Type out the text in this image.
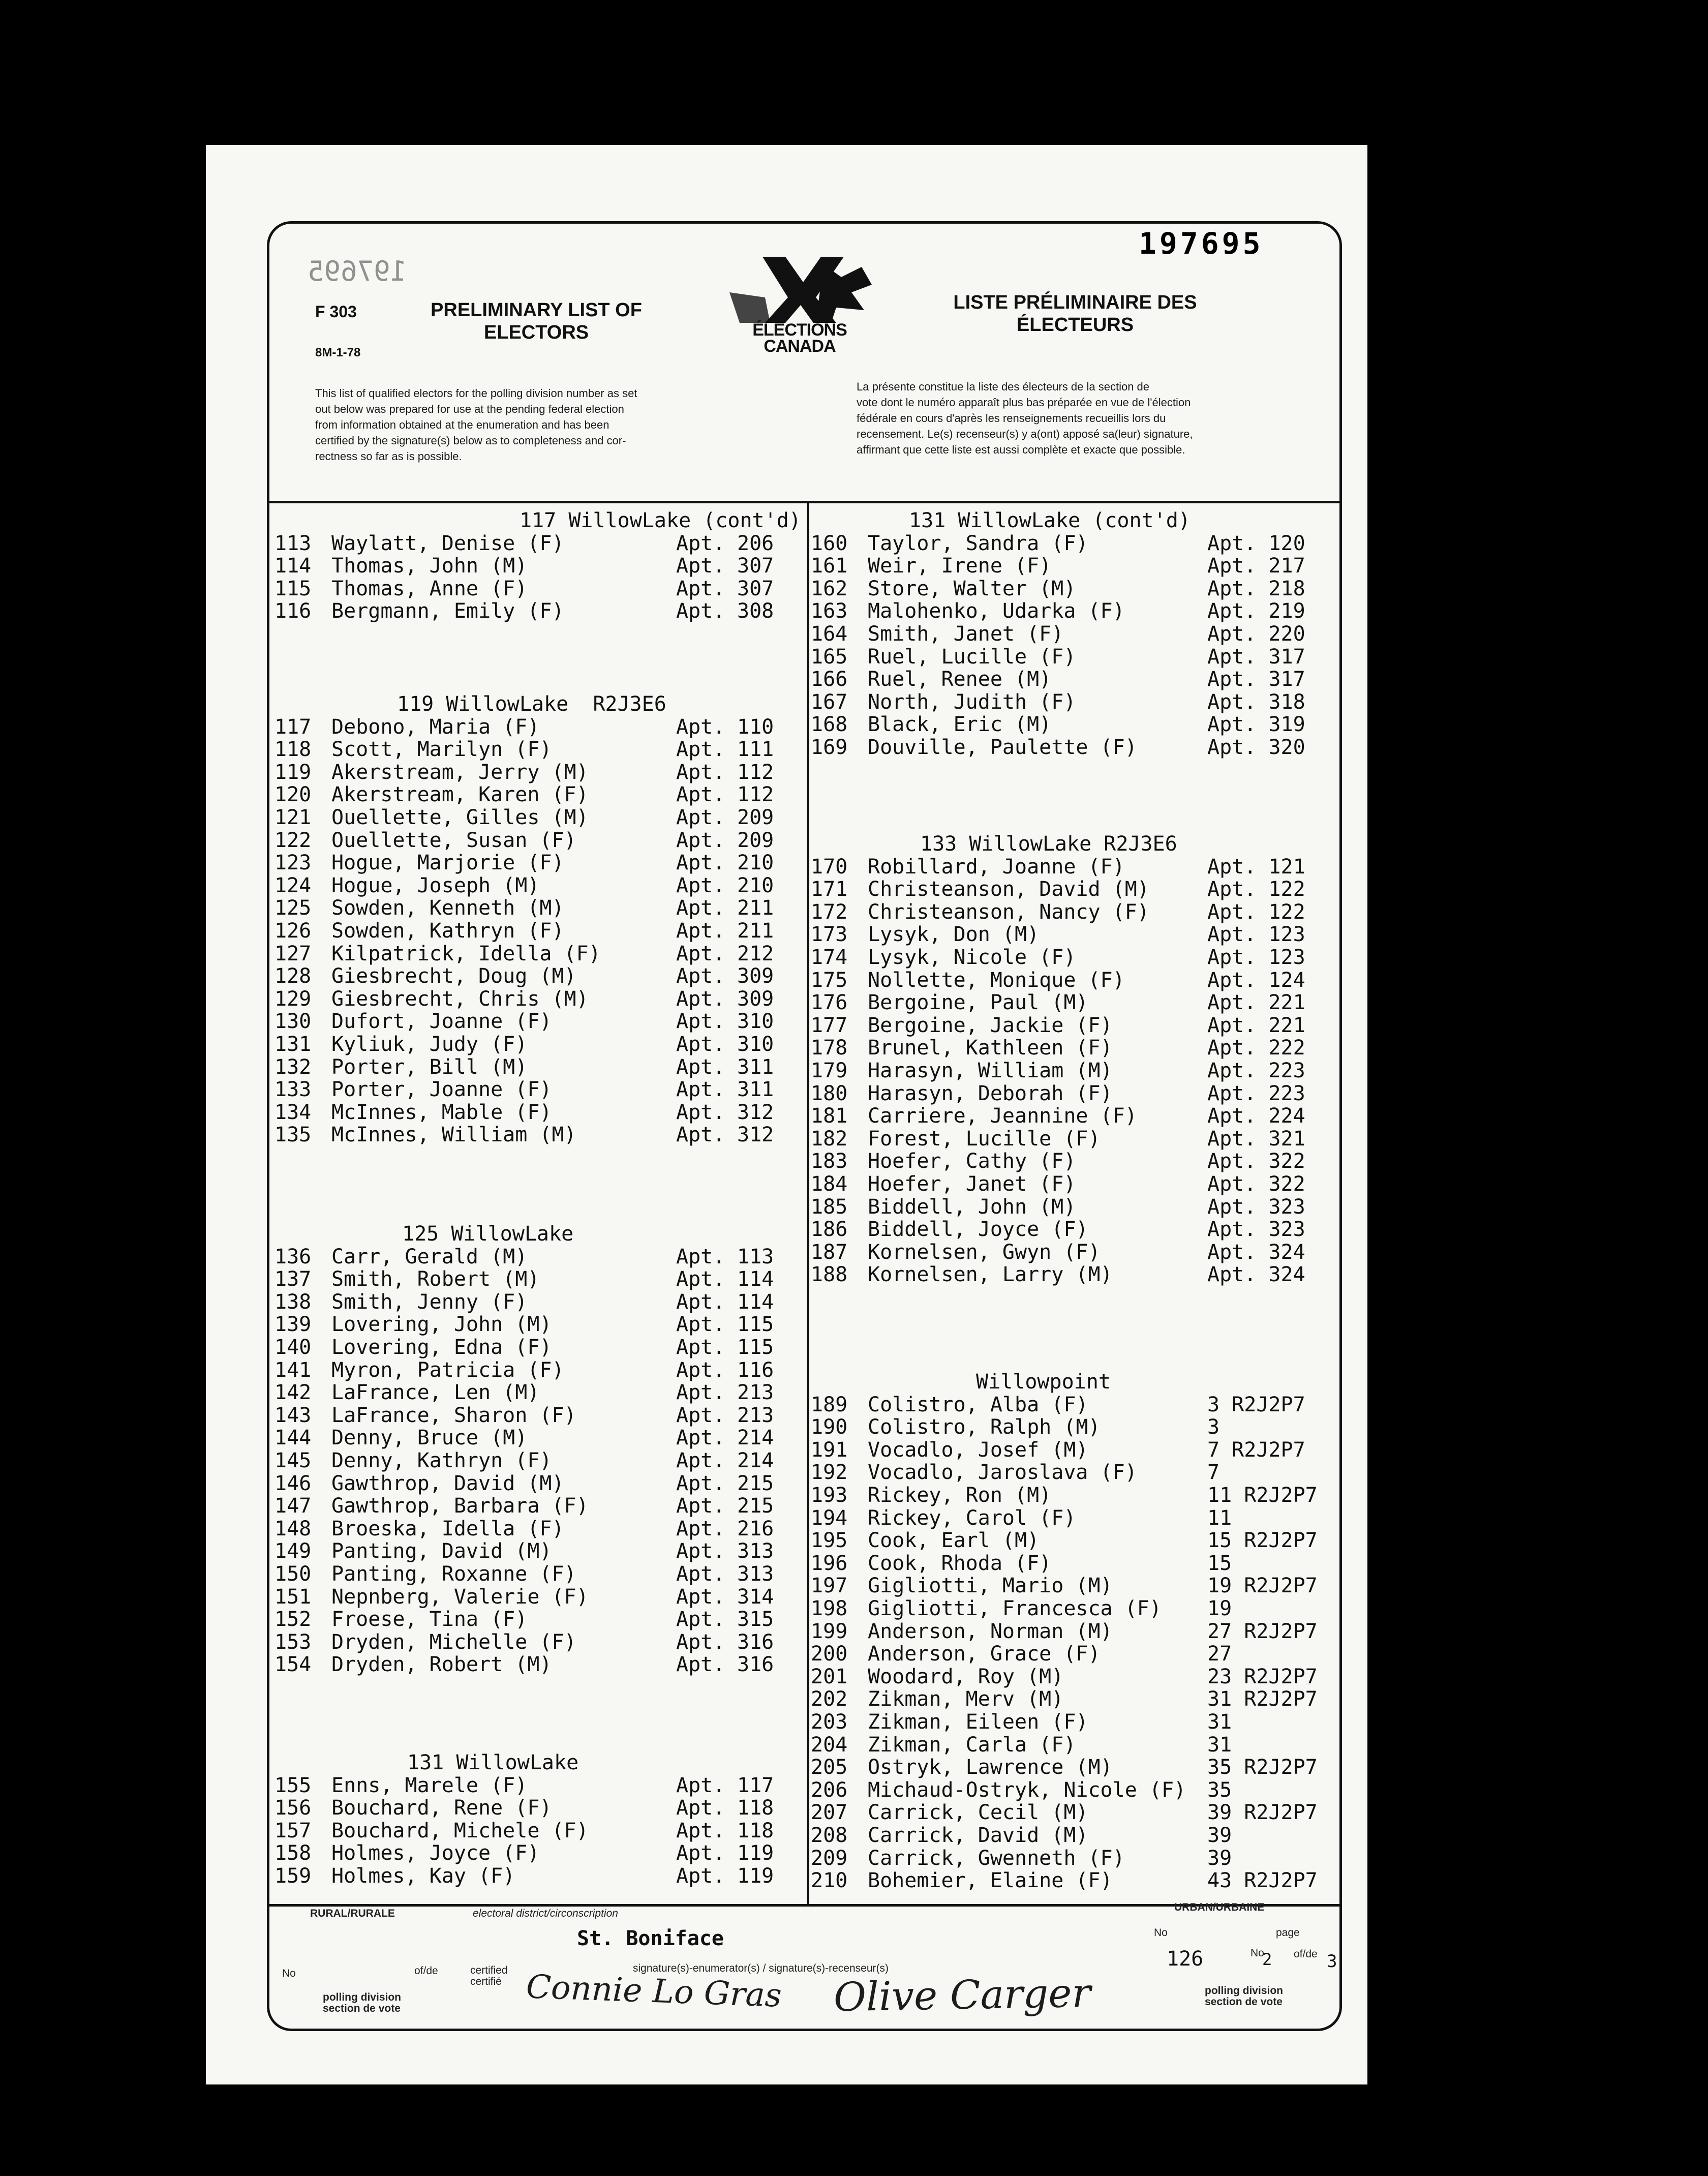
197695
197695
F 303
8M-1-78
PRELIMINARY LIST OF
ELECTORS	ÉLECTIONS
CANADA
LISTE PRÉLIMINAIRE DES
ÉLECTEURS
This list of qualified electors for the polling division number as set
out below was prepared for use at the pending federal election
from information obtained at the enumeration and has been
certified by the signature(s) below as to completeness and cor-
rectness so far as is possible.
La présente constitue la liste des électeurs de la section de
vote dont le numéro apparaît plus bas préparée en vue de l'élection
fédérale en cours d'après les renseignements recueillis lors du
recensement. Le(s) recenseur(s) y a(ont) apposé sa(leur) signature,
affirmant que cette liste est aussi complète et exacte que possible.
117 WillowLake (cont'd)
113 Waylatt, Denise (F)	Apt. 206
114 Thomas, John (M)	Apt. 307
115 Thomas, Anne (F)	Apt. 307
116 Bergmann, Emily (F)	Apt. 308
119 WillowLake  R2J3E6
117 Debono, Maria (F)	Apt. 110
118 Scott, Marilyn (F)	Apt. 111
119 Akerstream, Jerry (M)	Apt. 112
120 Akerstream, Karen (F)	Apt. 112
121 Ouellette, Gilles (M)	Apt. 209
122 Ouellette, Susan (F)	Apt. 209
123 Hogue, Marjorie (F)	Apt. 210
124 Hogue, Joseph (M)	Apt. 210
125 Sowden, Kenneth (M)	Apt. 211
126 Sowden, Kathryn (F)	Apt. 211
127 Kilpatrick, Idella (F)	Apt. 212
128 Giesbrecht, Doug (M)	Apt. 309
129 Giesbrecht, Chris (M)	Apt. 309
130 Dufort, Joanne (F)	Apt. 310
131 Kyliuk, Judy (F)	Apt. 310
132 Porter, Bill (M)	Apt. 311
133 Porter, Joanne (F)	Apt. 311
134 McInnes, Mable (F)	Apt. 312
135 McInnes, William (M)	Apt. 312
125 WillowLake
136 Carr, Gerald (M)	Apt. 113
137 Smith, Robert (M)	Apt. 114
138 Smith, Jenny (F)	Apt. 114
139 Lovering, John (M)	Apt. 115
140 Lovering, Edna (F)	Apt. 115
141 Myron, Patricia (F)	Apt. 116
142 LaFrance, Len (M)	Apt. 213
143 LaFrance, Sharon (F)	Apt. 213
144 Denny, Bruce (M)	Apt. 214
145 Denny, Kathryn (F)	Apt. 214
146 Gawthrop, David (M)	Apt. 215
147 Gawthrop, Barbara (F)	Apt. 215
148 Broeska, Idella (F)	Apt. 216
149 Panting, David (M)	Apt. 313
150 Panting, Roxanne (F)	Apt. 313
151 Nepnberg, Valerie (F)	Apt. 314
152 Froese, Tina (F)	Apt. 315
153 Dryden, Michelle (F)	Apt. 316
154 Dryden, Robert (M)	Apt. 316
131 WillowLake
155 Enns, Marele (F)	Apt. 117
156 Bouchard, Rene (F)	Apt. 118
157 Bouchard, Michele (F)	Apt. 118
158 Holmes, Joyce (F)	Apt. 119
159 Holmes, Kay (F)	Apt. 119
131 WillowLake (cont'd)
160 Taylor, Sandra (F)	Apt. 120
161 Weir, Irene (F)	Apt. 217
162 Store, Walter (M)	Apt. 218
163 Malohenko, Udarka (F)	Apt. 219
164 Smith, Janet (F)	Apt. 220
165 Ruel, Lucille (F)	Apt. 317
166 Ruel, Renee (M)	Apt. 317
167 North, Judith (F)	Apt. 318
168 Black, Eric (M)	Apt. 319
169 Douville, Paulette (F)	Apt. 320
133 WillowLake R2J3E6
170 Robillard, Joanne (F)	Apt. 121
171 Christeanson, David (M)	Apt. 122
172 Christeanson, Nancy (F)	Apt. 122
173 Lysyk, Don (M)	Apt. 123
174 Lysyk, Nicole (F)	Apt. 123
175 Nollette, Monique (F)	Apt. 124
176 Bergoine, Paul (M)	Apt. 221
177 Bergoine, Jackie (F)	Apt. 221
178 Brunel, Kathleen (F)	Apt. 222
179 Harasyn, William (M)	Apt. 223
180 Harasyn, Deborah (F)	Apt. 223
181 Carriere, Jeannine (F)	Apt. 224
182 Forest, Lucille (F)	Apt. 321
183 Hoefer, Cathy (F)	Apt. 322
184 Hoefer, Janet (F)	Apt. 322
185 Biddell, John (M)	Apt. 323
186 Biddell, Joyce (F)	Apt. 323
187 Kornelsen, Gwyn (F)	Apt. 324
188 Kornelsen, Larry (M)	Apt. 324
Willowpoint
189 Colistro, Alba (F)	3 R2J2P7
190 Colistro, Ralph (M)	3
191 Vocadlo, Josef (M)	7 R2J2P7
192 Vocadlo, Jaroslava (F)	7
193 Rickey, Ron (M)	11 R2J2P7
194 Rickey, Carol (F)	11
195 Cook, Earl (M)	15 R2J2P7
196 Cook, Rhoda (F)	15
197 Gigliotti, Mario (M)	19 R2J2P7
198 Gigliotti, Francesca (F) 19
199 Anderson, Norman (M)	27 R2J2P7
200 Anderson, Grace (F)	27
201 Woodard, Roy (M)	23 R2J2P7
202 Zikman, Merv (M)	31 R2J2P7
203 Zikman, Eileen (F)	31
204 Zikman, Carla (F)	31
205 Ostryk, Lawrence (M)	35 R2J2P7
206 Michaud-Ostryk, Nicole (F) 35
207 Carrick, Cecil (M)	39 R2J2P7
208 Carrick, David (M)	39
209 Carrick, Gwenneth (F)	39
210 Bohemier, Elaine (F)	43 R2J2P7
RURAL/RURALE
URBAN/URBAINE
electoral district/circonscription
St. Boniface
No	of/de	certified
certifié
signature(s)-enumerator(s) / signature(s)-recenseur(s)
polling division
section de vote
No	page
126	No
2 of/de 3
polling division
section de vote
Connie Lo Gras Olive Carger
